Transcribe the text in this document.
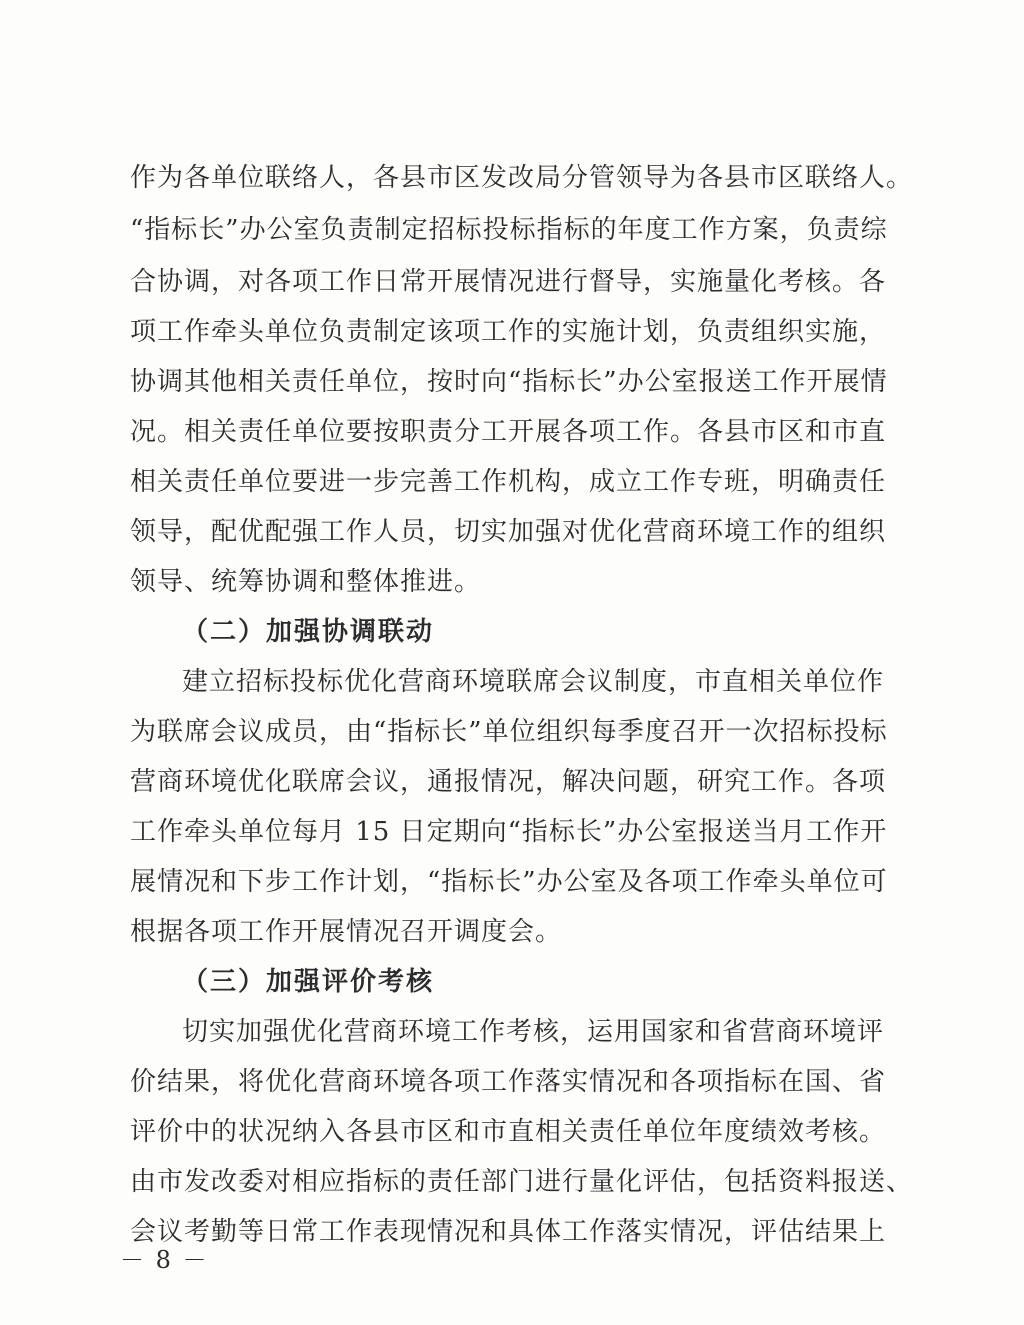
作为各单位联络人，各县市区发改局分管领导为各县市区联络人。
“指标长”办公室负责制定招标投标指标的年度工作方案，负责综
合协调，对各项工作日常开展情况进行督导，实施量化考核。各
项工作牵头单位负责制定该项工作的实施计划，负责组织实施，
协调其他相关责任单位，按时向“指标长”办公室报送工作开展情
况。相关责任单位要按职责分工开展各项工作。各县市区和市直
相关责任单位要进一步完善工作机构，成立工作专班，明确责任
领导，配优配强工作人员，切实加强对优化营商环境工作的组织
领导、统筹协调和整体推进。
（二）加强协调联动
建立招标投标优化营商环境联席会议制度，市直相关单位作
为联席会议成员，由“指标长”单位组织每季度召开一次招标投标
营商环境优化联席会议，通报情况，解决问题，研究工作。各项
工作牵头单位每月 15 日定期向“指标长”办公室报送当月工作开
展情况和下步工作计划，“指标长”办公室及各项工作牵头单位可
根据各项工作开展情况召开调度会。
（三）加强评价考核
切实加强优化营商环境工作考核，运用国家和省营商环境评
价结果，将优化营商环境各项工作落实情况和各项指标在国、省
评价中的状况纳入各县市区和市直相关责任单位年度绩效考核。
由市发改委对相应指标的责任部门进行量化评估，包括资料报送、
会议考勤等日常工作表现情况和具体工作落实情况，评估结果上
－ 8 －
